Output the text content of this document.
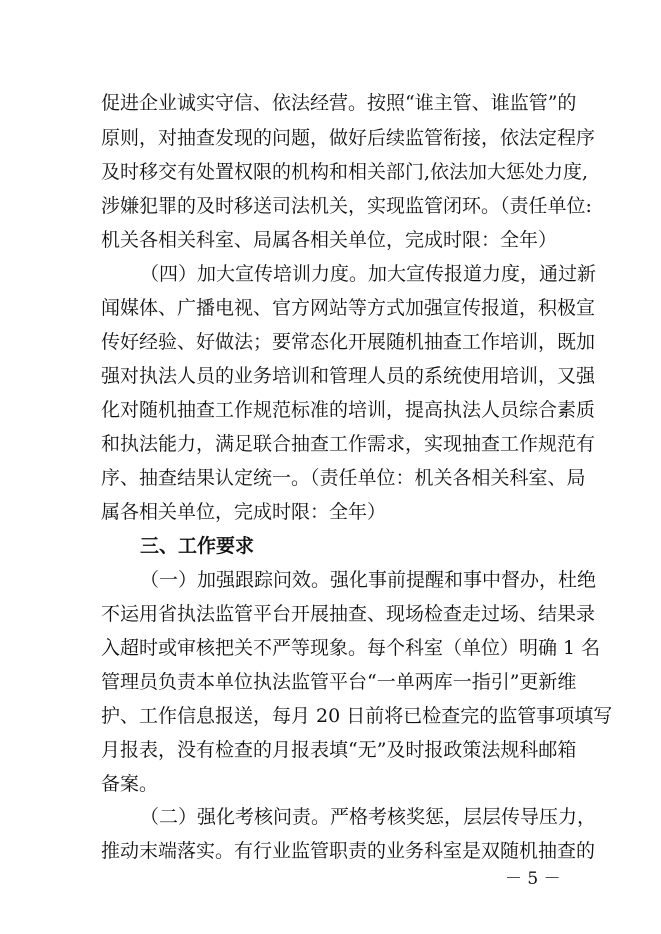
促进企业诚实守信、依法经营。按照“谁主管、谁监管”的
原则，对抽查发现的问题，做好后续监管衔接，依法定程序
及时移交有处置权限的机构和相关部门,依法加大惩处力度,
涉嫌犯罪的及时移送司法机关，实现监管闭环。（责任单位:
机关各相关科室、局属各相关单位，完成时限：全年）
（四）加大宣传培训力度。加大宣传报道力度，通过新
闻媒体、广播电视、官方网站等方式加强宣传报道，积极宣
传好经验、好做法；要常态化开展随机抽查工作培训，既加
强对执法人员的业务培训和管理人员的系统使用培训，又强
化对随机抽查工作规范标准的培训，提高执法人员综合素质
和执法能力，满足联合抽查工作需求，实现抽查工作规范有
序、抽查结果认定统一。（责任单位：机关各相关科室、局
属各相关单位，完成时限：全年）
三、工作要求
（一）加强跟踪问效。强化事前提醒和事中督办，杜绝
不运用省执法监管平台开展抽查、现场检查走过场、结果录
入超时或审核把关不严等现象。每个科室（单位）明确 1 名
管理员负责本单位执法监管平台“一单两库一指引”更新维
护、工作信息报送，每月 20 日前将已检查完的监管事项填写
月报表，没有检查的月报表填“无”及时报政策法规科邮箱
备案。
（二）强化考核问责。严格考核奖惩，层层传导压力，
推动末端落实。有行业监管职责的业务科室是双随机抽查的
－ 5 －
